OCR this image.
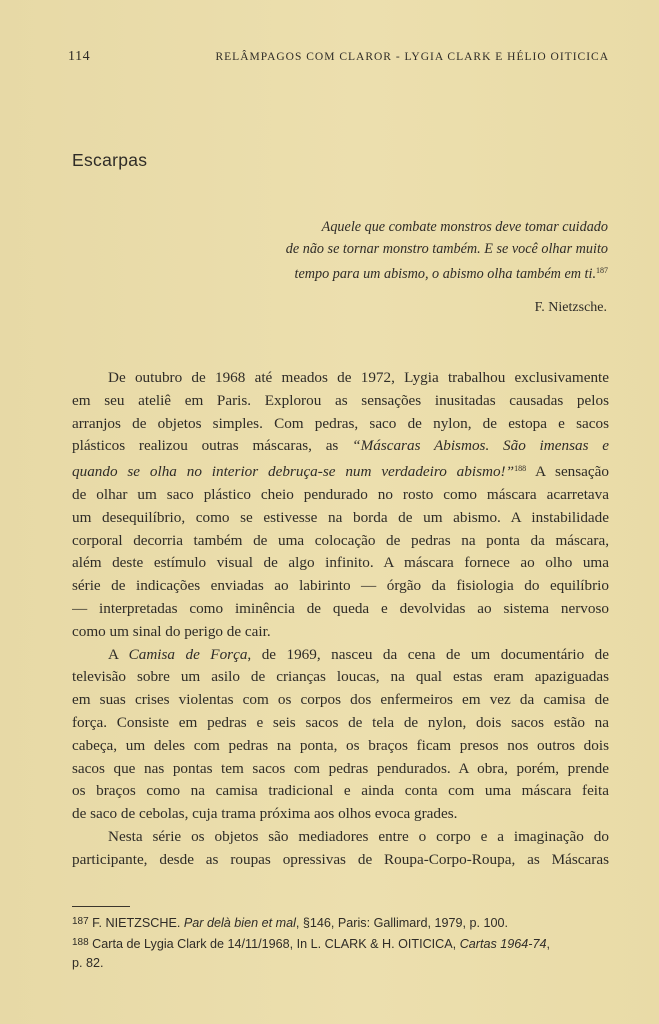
114	RELÂMPAGOS COM CLAROR - LYGIA CLARK E HÉLIO OITICICA
Escarpas
Aquele que combate monstros deve tomar cuidado
de não se tornar monstro também. E se você olhar muito
tempo para um abismo, o abismo olha também em ti.$^{187}$
F. Nietzsche.

De outubro de 1968 até meados de 1972, Lygia trabalhou exclusivamente
em seu ateliê em Paris. Explorou as sensações inusitadas causadas pelos
arranjos de objetos simples. Com pedras, saco de nylon, de estopa e sacos
plásticos realizou outras máscaras, as “Máscaras Abismos. São imensas e
quando se olha no interior debruça-se num verdadeiro abismo!”$^{188}$ A sensação
de olhar um saco plástico cheio pendurado no rosto como máscara acarretava
um desequilíbrio, como se estivesse na borda de um abismo. A instabilidade
corporal decorria também de uma colocação de pedras na ponta da máscara,
além deste estímulo visual de algo infinito. A máscara fornece ao olho uma
série de indicações enviadas ao labirinto — órgão da fisiologia do equilíbrio
— interpretadas como iminência de queda e devolvidas ao sistema nervoso
como um sinal do perigo de cair.

A Camisa de Força, de 1969, nasceu da cena de um documentário de
televisão sobre um asilo de crianças loucas, na qual estas eram apaziguadas
em suas crises violentas com os corpos dos enfermeiros em vez da camisa de
força. Consiste em pedras e seis sacos de tela de nylon, dois sacos estão na
cabeça, um deles com pedras na ponta, os braços ficam presos nos outros dois
sacos que nas pontas tem sacos com pedras pendurados. A obra, porém, prende
os braços como na camisa tradicional e ainda conta com uma máscara feita
de saco de cebolas, cuja trama próxima aos olhos evoca grades.

Nesta série os objetos são mediadores entre o corpo e a imaginação do
participante, desde as roupas opressivas de Roupa-Corpo-Roupa, as Máscaras

$^{187}$ F. NIETZSCHE. Par delà bien et mal, §146, Paris: Gallimard, 1979, p. 100.
$^{188}$ Carta de Lygia Clark de 14/11/1968, In L. CLARK & H. OITICICA, Cartas 1964-74,
p. 82.
